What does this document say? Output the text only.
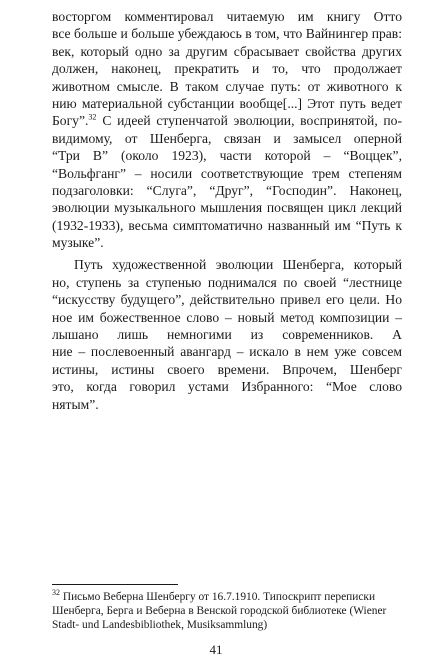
восторгом комментировал читаемую им книгу Отто
все больше и больше убеждаюсь в том, что Вайнингер прав:
век, который одно за другим сбрасывает свойства других
должен, наконец, прекратить и то, что продолжает
животном смысле. В таком случае путь: от животного к
нию материальной субстанции вообще[...] Этот путь ведет
Богу”.$^{32}$ С идеей ступенчатой эволюции, воспринятой, по-
видимому, от Шенберга, связан и замысел оперной
“Три В” (около 1923), части которой – “Воццек”,
“Вольфганг” – носили соответствующие трем степеням
подзаголовки: “Слуга”, “Друг”, “Господин”. Наконец,
эволюции музыкального мышления посвящен цикл лекций
(1932-1933), весьма симптоматично названный им “Путь к
музыке”.
Путь художественной эволюции Шенберга, который
но, ступень за ступенью поднимался по своей “лестнице
“искусству будущего”, действительно привел его цели. Но
ное им божественное слово – новый метод композиции –
лышано лишь немногими из современников. А
ние – послевоенный авангард – искало в нем уже совсем
истины, истины своего времени. Впрочем, Шенберг
это, когда говорил устами Избранного: “Мое слово
нятым”.
$^{32}$ Письмо Веберна Шенбергу от 16.7.1910. Типоскрипт переписки
Шенберга, Берга и Веберна в Венской городской библиотеке (Wiener
Stadt- und Landesbibliothek, Musiksammlung)
41
